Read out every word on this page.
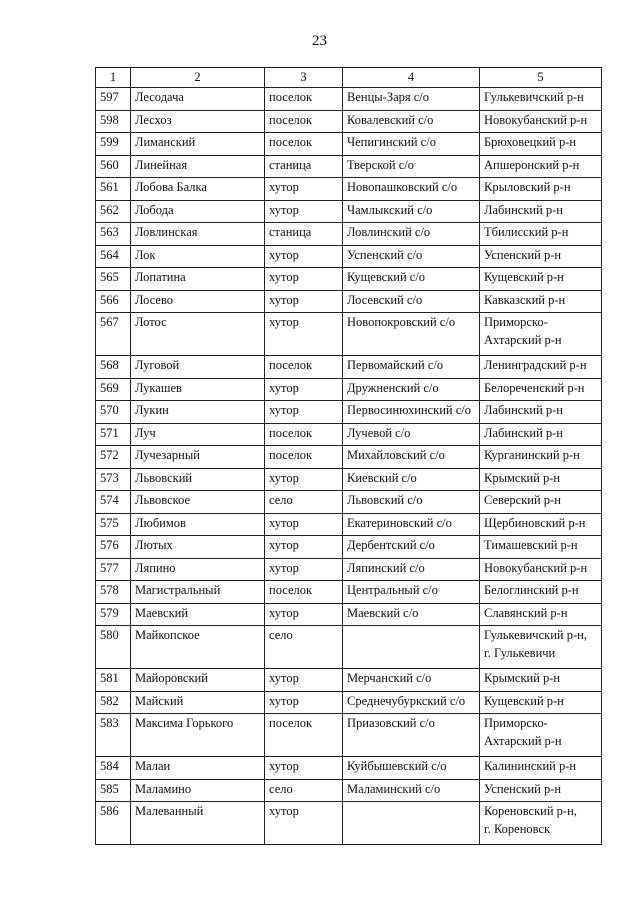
23
1	2	3	4	5
597	Лесодача	поселок	Венцы-Заря с/о	Гулькевичский р-н

598	Лесхоз	поселок	Ковалевский с/о	Новокубанский р-н

599	Лиманский	поселок	Чепигинский с/о	Брюховецкий р-н

560	Линейная	станица	Тверской с/о	Апшеронский р-н

561	Лобова Балка	хутор	Новопашковский с/о	Крыловский р-н

562	Лобода	хутор	Чамлыкский с/о	Лабинский р-н

563	Ловлинская	станица	Ловлинский с/о	Тбилисский р-н

564	Лок	хутор	Успенский с/о	Успенский р-н

565	Лопатина	хутор	Кущевский с/о	Кущевский р-н

566	Лосево	хутор	Лосевский с/о	Кавказский р-н

567	Лотос	хутор	Новопокровский с/о	Приморско-
Ахтарский р-н

568	Луговой	поселок	Первомайский с/о	Ленинградский р-н

569	Лукашев	хутор	Дружненский с/о	Белореченский р-н

570	Лукин	хутор	Первосинюхинский с/о	Лабинский р-н

571	Луч	поселок	Лучевой с/о	Лабинский р-н

572	Лучезарный	поселок	Михайловский с/о	Курганинский р-н

573	Львовский	хутор	Киевский с/о	Крымский р-н

574	Львовское	село	Львовский с/о	Северский р-н

575	Любимов	хутор	Екатериновский с/о	Щербиновский р-н

576	Лютых	хутор	Дербентский с/о	Тимашевский р-н

577	Ляпино	хутор	Ляпинский с/о	Новокубанский р-н

578	Магистральный	поселок	Центральный с/о	Белоглинский р-н

579	Маевский	хутор	Маевский с/о	Славянский р-н

580	Майкопское	село		Гулькевичский р-н,
г. Гулькевичи

581	Майоровский	хутор	Мерчанский с/о	Крымский р-н

582	Майский	хутор	Среднечубуркский с/о	Кущевский р-н

583	Максима Горького	поселок	Приазовский с/о	Приморско-
Ахтарский р-н

584	Малаи	хутор	Куйбышевский с/о	Калининский р-н

585	Маламино	село	Маламинский с/о	Успенский р-н

586	Малеванный	хутор		Кореновский р-н,
г. Кореновск
